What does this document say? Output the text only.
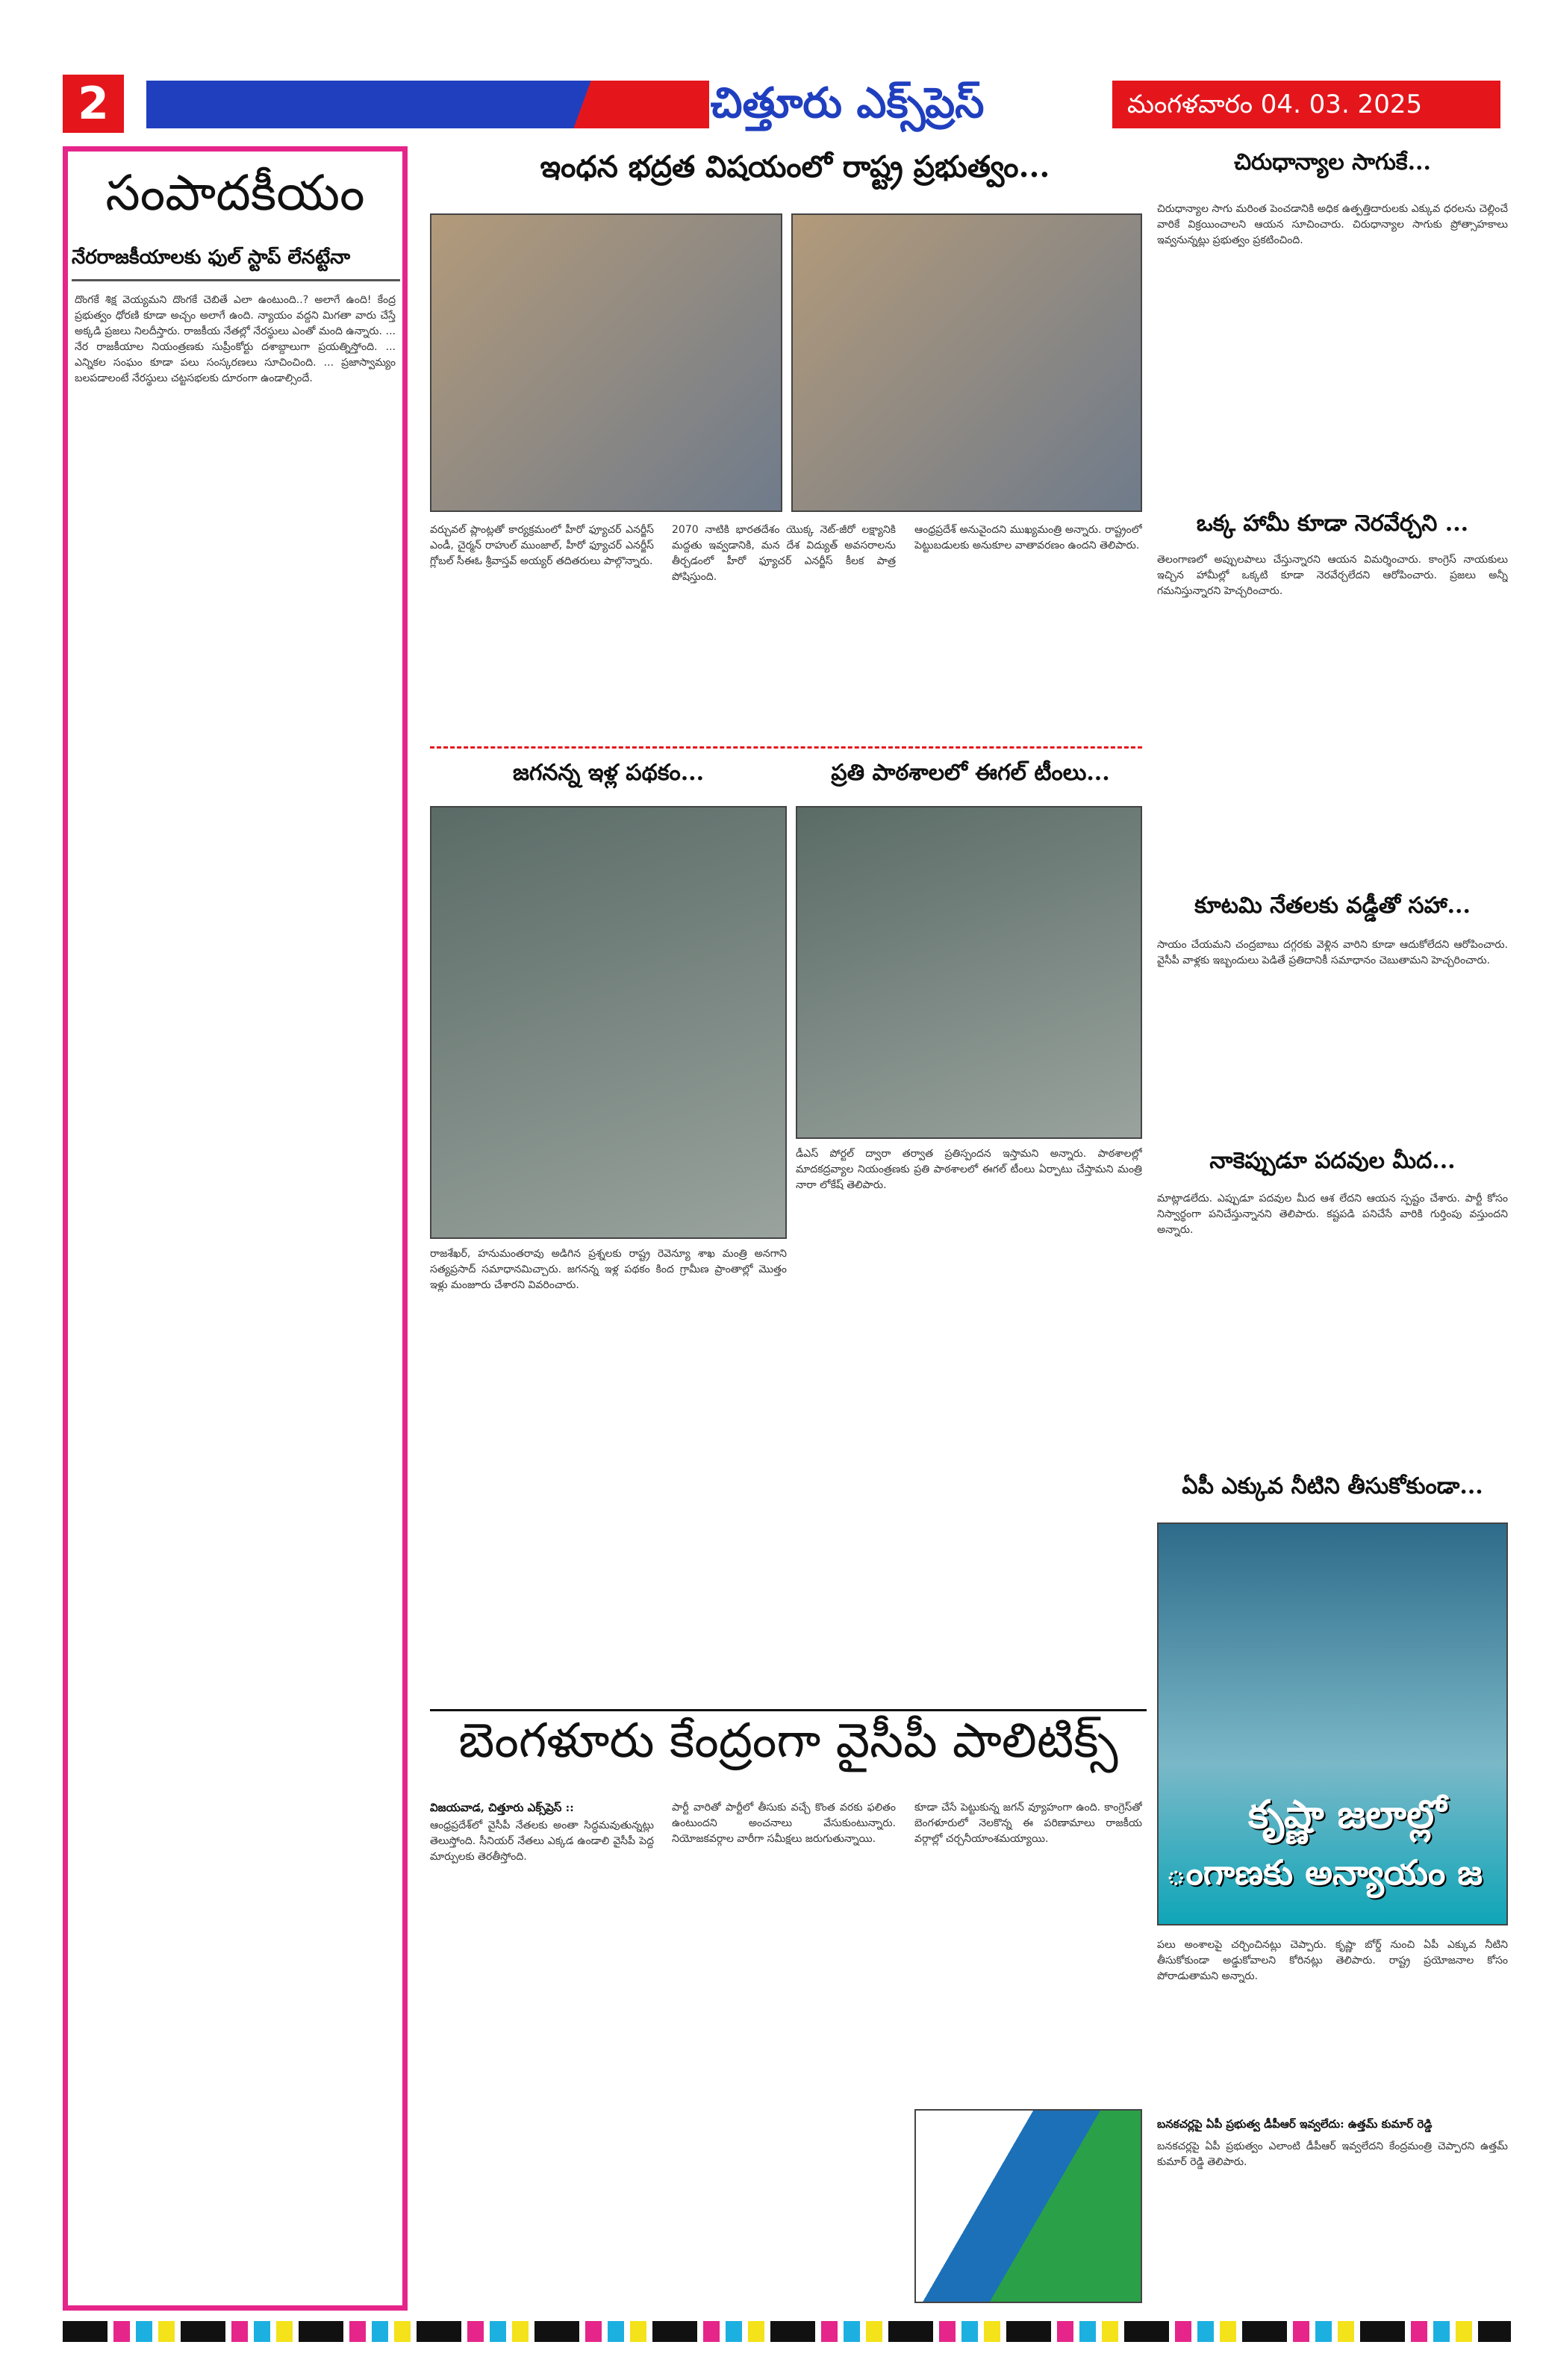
2	చిత్తూరు ఎక్స్‌ప్రెస్	మంగళవారం 04. 03. 2025
సంపాదకీయం
నేరరాజకీయాలకు ఫుల్ స్టాప్ లేనట్టేనా
దొంగకే శిక్ష వెయ్యమని దొంగకే చెబితే ఎలా ఉంటుంది..? అలాగే ఉంది! కేంద్ర ప్రభుత్వం ధోరణి కూడా అచ్చం అలాగే ఉంది. న్యాయం వద్దని మిగతా వారు చేస్తే అక్కడి ప్రజలు నిలదీస్తారు. రాజకీయ నేతల్లో నేరస్థులు ఎంతో మంది ఉన్నారు. ... నేర రాజకీయాల నియంత్రణకు సుప్రీంకోర్టు దశాబ్దాలుగా ప్రయత్నిస్తోంది. ... ఎన్నికల సంఘం కూడా పలు సంస్కరణలు సూచించింది. ... ప్రజాస్వామ్యం బలపడాలంటే నేరస్థులు చట్టసభలకు దూరంగా ఉండాల్సిందే.
ఇంధన భద్రత విషయంలో రాష్ట్ర ప్రభుత్వం...
వర్చువల్ ప్లాంట్లతో కార్యక్రమంలో హీరో ఫ్యూచర్ ఎనర్జీస్ ఎండీ, చైర్మన్ రాహుల్ ముంజాల్, హీరో ఫ్యూచర్ ఎనర్జీస్ గ్లోబల్ సీఈఓ శ్రీవాస్తవ్ అయ్యర్ తదితరులు పాల్గొన్నారు.
2070 నాటికి భారతదేశం యొక్క నెట్-జీరో లక్ష్యానికి మద్దతు ఇవ్వడానికి, మన దేశ విద్యుత్ అవసరాలను తీర్చడంలో హీరో ఫ్యూచర్ ఎనర్జీస్ కీలక పాత్ర పోషిస్తుంది.
ఆంధ్రప్రదేశ్ అనువైందని ముఖ్యమంత్రి అన్నారు. రాష్ట్రంలో పెట్టుబడులకు అనుకూల వాతావరణం ఉందని తెలిపారు.
చిరుధాన్యాల సాగుకే...
చిరుధాన్యాల సాగు మరింత పెంచడానికి అధిక ఉత్పత్తిదారులకు ఎక్కువ ధరలను చెల్లించే వారికే విక్రయించాలని ఆయన సూచించారు. చిరుధాన్యాల సాగుకు ప్రోత్సాహకాలు ఇవ్వనున్నట్లు ప్రభుత్వం ప్రకటించింది.
ఒక్క హామీ కూడా నెరవేర్చని ...
తెలంగాణలో అప్పులపాలు చేస్తున్నారని ఆయన విమర్శించారు. కాంగ్రెస్ నాయకులు ఇచ్చిన హామీల్లో ఒక్కటి కూడా నెరవేర్చలేదని ఆరోపించారు. ప్రజలు అన్నీ గమనిస్తున్నారని హెచ్చరించారు.
కూటమి నేతలకు వడ్డీతో సహా...
సాయం చేయమని చంద్రబాబు దగ్గరకు వెళ్లిన వారిని కూడా ఆదుకోలేదని ఆరోపించారు. వైసీపీ వాళ్లకు ఇబ్బందులు పెడితే ప్రతిదానికీ సమాధానం చెబుతామని హెచ్చరించారు.
నాకెప్పుడూ పదవుల మీద...
మాట్లాడలేదు. ఎప్పుడూ పదవుల మీద ఆశ లేదని ఆయన స్పష్టం చేశారు. పార్టీ కోసం నిస్వార్థంగా పనిచేస్తున్నానని తెలిపారు. కష్టపడి పనిచేసే వారికి గుర్తింపు వస్తుందని అన్నారు.
ఏపీ ఎక్కువ నీటిని తీసుకోకుండా...
కృష్ణా జలాల్లో
ంగాణకు అన్యాయం జ
పలు అంశాలపై చర్చించినట్లు చెప్పారు. కృష్ణా బోర్డ్ నుంచి ఏపీ ఎక్కువ నీటిని తీసుకోకుండా అడ్డుకోవాలని కోరినట్లు తెలిపారు. రాష్ట్ర ప్రయోజనాల కోసం పోరాడుతామని అన్నారు.
బనకచర్లపై ఏపీ ప్రభుత్వ డీపీఆర్ ఇవ్వలేదు: ఉత్తమ్ కుమార్ రెడ్డి
బనకచర్లపై ఏపీ ప్రభుత్వం ఎలాంటి డీపీఆర్ ఇవ్వలేదని కేంద్రమంత్రి చెప్పారని ఉత్తమ్ కుమార్ రెడ్డి తెలిపారు.
జగనన్న ఇళ్ల పథకం...
రాజశేఖర్, హనుమంతరావు అడిగిన ప్రశ్నలకు రాష్ట్ర రెవెన్యూ శాఖ మంత్రి అనగాని సత్యప్రసాద్ సమాధానమిచ్చారు. జగనన్న ఇళ్ల పథకం కింద గ్రామీణ ప్రాంతాల్లో మొత్తం ఇళ్లు మంజూరు చేశారని వివరించారు.
ప్రతి పాఠశాలలో ఈగల్ టీంలు...
డీఎస్ పోర్టల్ ద్వారా తర్వాత ప్రతిస్పందన ఇస్తామని అన్నారు. పాఠశాలల్లో మాదకద్రవ్యాల నియంత్రణకు ప్రతి పాఠశాలలో ఈగల్ టీంలు ఏర్పాటు చేస్తామని మంత్రి నారా లోకేష్ తెలిపారు.
బెంగళూరు కేంద్రంగా వైసీపీ పాలిటిక్స్
విజయవాడ, చిత్తూరు ఎక్స్‌ప్రెస్ ::
ఆంధ్రప్రదేశ్‌లో వైసీపీ నేతలకు అంతా సిద్ధమవుతున్నట్లు తెలుస్తోంది. సీనియర్ నేతలు ఎక్కడ ఉండాలి వైసీపీ పెద్ద మార్పులకు తెరతీస్తోంది.
పార్టీ వారితో పార్టీలో తీసుకు వచ్చే కొంత వరకు ఫలితం ఉంటుందని అంచనాలు వేసుకుంటున్నారు. నియోజకవర్గాల వారీగా సమీక్షలు జరుగుతున్నాయి.
కూడా చేసే పెట్టుకున్న జగన్ వ్యూహంగా ఉంది. కాంగ్రెస్‌తో బెంగళూరులో నెలకొన్న ఈ పరిణామాలు రాజకీయ వర్గాల్లో చర్చనీయాంశమయ్యాయి.
